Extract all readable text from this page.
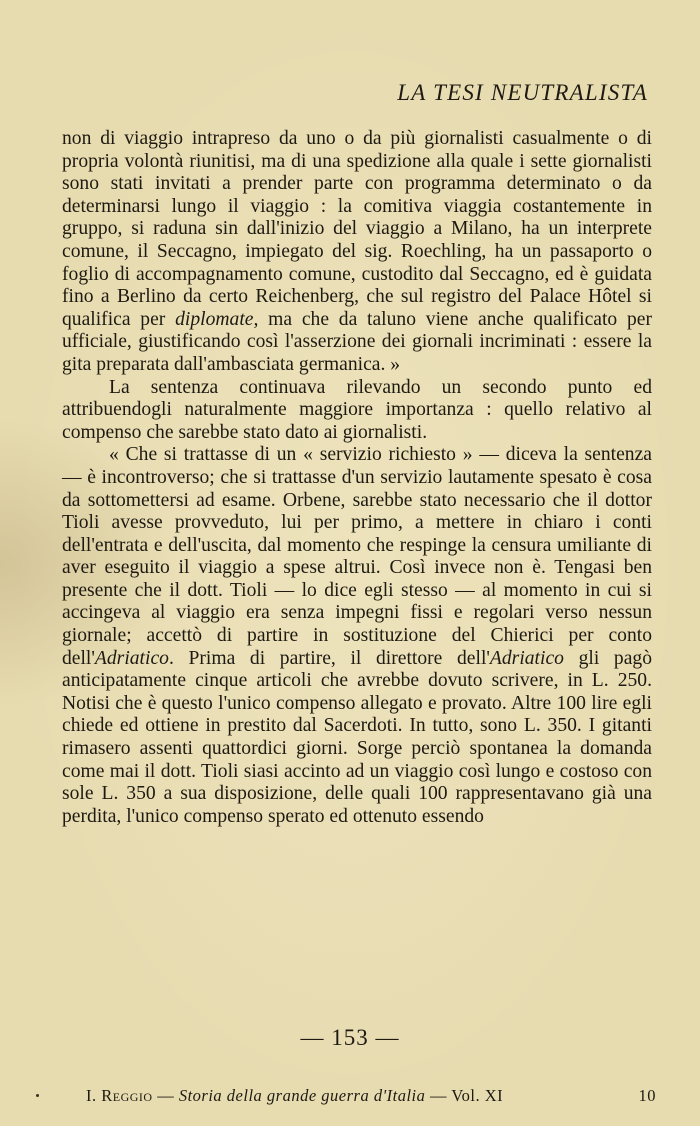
LA TESI NEUTRALISTA

non di viaggio intrapreso da uno o da più giornalisti casualmente o di propria volontà riunitisi, ma di una spedizione alla quale i sette giornalisti sono stati invitati a prender parte con programma determinato o da determinarsi lungo il viaggio : la comitiva viaggia costantemente in gruppo, si raduna sin dall'inizio del viaggio a Milano, ha un interprete comune, il Seccagno, impiegato del sig. Roechling, ha un passaporto o foglio di accompagnamento comune, custodito dal Seccagno, ed è guidata fino a Berlino da certo Reichenberg, che sul registro del Palace Hôtel si qualifica per diplomate, ma che da taluno viene anche qualificato per ufficiale, giustificando così l'asserzione dei giornali incriminati : essere la gita preparata dall'ambasciata germanica. »

La sentenza continuava rilevando un secondo punto ed attribuendogli naturalmente maggiore importanza : quello relativo al compenso che sarebbe stato dato ai giornalisti.

« Che si trattasse di un « servizio richiesto » — diceva la sentenza — è incontroverso; che si trattasse d'un servizio lautamente spesato è cosa da sottomettersi ad esame. Orbene, sarebbe stato necessario che il dottor Tioli avesse provveduto, lui per primo, a mettere in chiaro i conti dell'entrata e dell'uscita, dal momento che respinge la censura umiliante di aver eseguito il viaggio a spese altrui. Così invece non è. Tengasi ben presente che il dott. Tioli — lo dice egli stesso — al momento in cui si accingeva al viaggio era senza impegni fissi e regolari verso nessun giornale; accettò di partire in sostituzione del Chierici per conto dell'Adriatico. Prima di partire, il direttore dell'Adriatico gli pagò anticipatamente cinque articoli che avrebbe dovuto scrivere, in L. 250. Notisi che è questo l'unico compenso allegato e provato. Altre 100 lire egli chiede ed ottiene in prestito dal Sacerdoti. In tutto, sono L. 350. I gitanti rimasero assenti quattordici giorni. Sorge perciò spontanea la domanda come mai il dott. Tioli siasi accinto ad un viaggio così lungo e costoso con sole L. 350 a sua disposizione, delle quali 100 rappresentavano già una perdita, l'unico compenso sperato ed ottenuto essendo

— 153 —
I. Reggio — Storia della grande guerra d'Italia — Vol. XI	10
